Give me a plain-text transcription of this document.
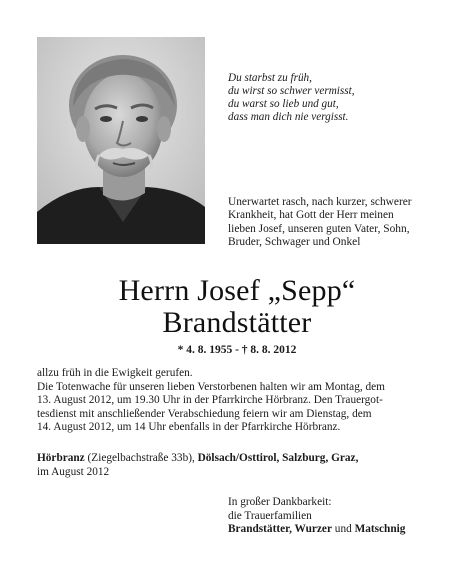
Du starbst zu früh,
du wirst so schwer vermisst,
du warst so lieb und gut,
dass man dich nie vergisst.
Unerwartet rasch, nach kurzer, schwerer
Krankheit, hat Gott der Herr meinen
lieben Josef, unseren guten Vater, Sohn,
Bruder, Schwager und Onkel
Herrn Josef „Sepp“
Brandstätter
* 4. 8. 1955 - † 8. 8. 2012
allzu früh in die Ewigkeit gerufen.
Die Totenwache für unseren lieben Verstorbenen halten wir am Montag, dem
13. August 2012, um 19.30 Uhr in der Pfarrkirche Hörbranz. Den Trauergot-
tesdienst mit anschließender Verabschiedung feiern wir am Dienstag, dem
14. August 2012, um 14 Uhr ebenfalls in der Pfarrkirche Hörbranz.
Hörbranz (Ziegelbachstraße 33b), Dölsach/Osttirol, Salzburg, Graz,
im August 2012
In großer Dankbarkeit:
die Trauerfamilien
Brandstätter, Wurzer und Matschnig
